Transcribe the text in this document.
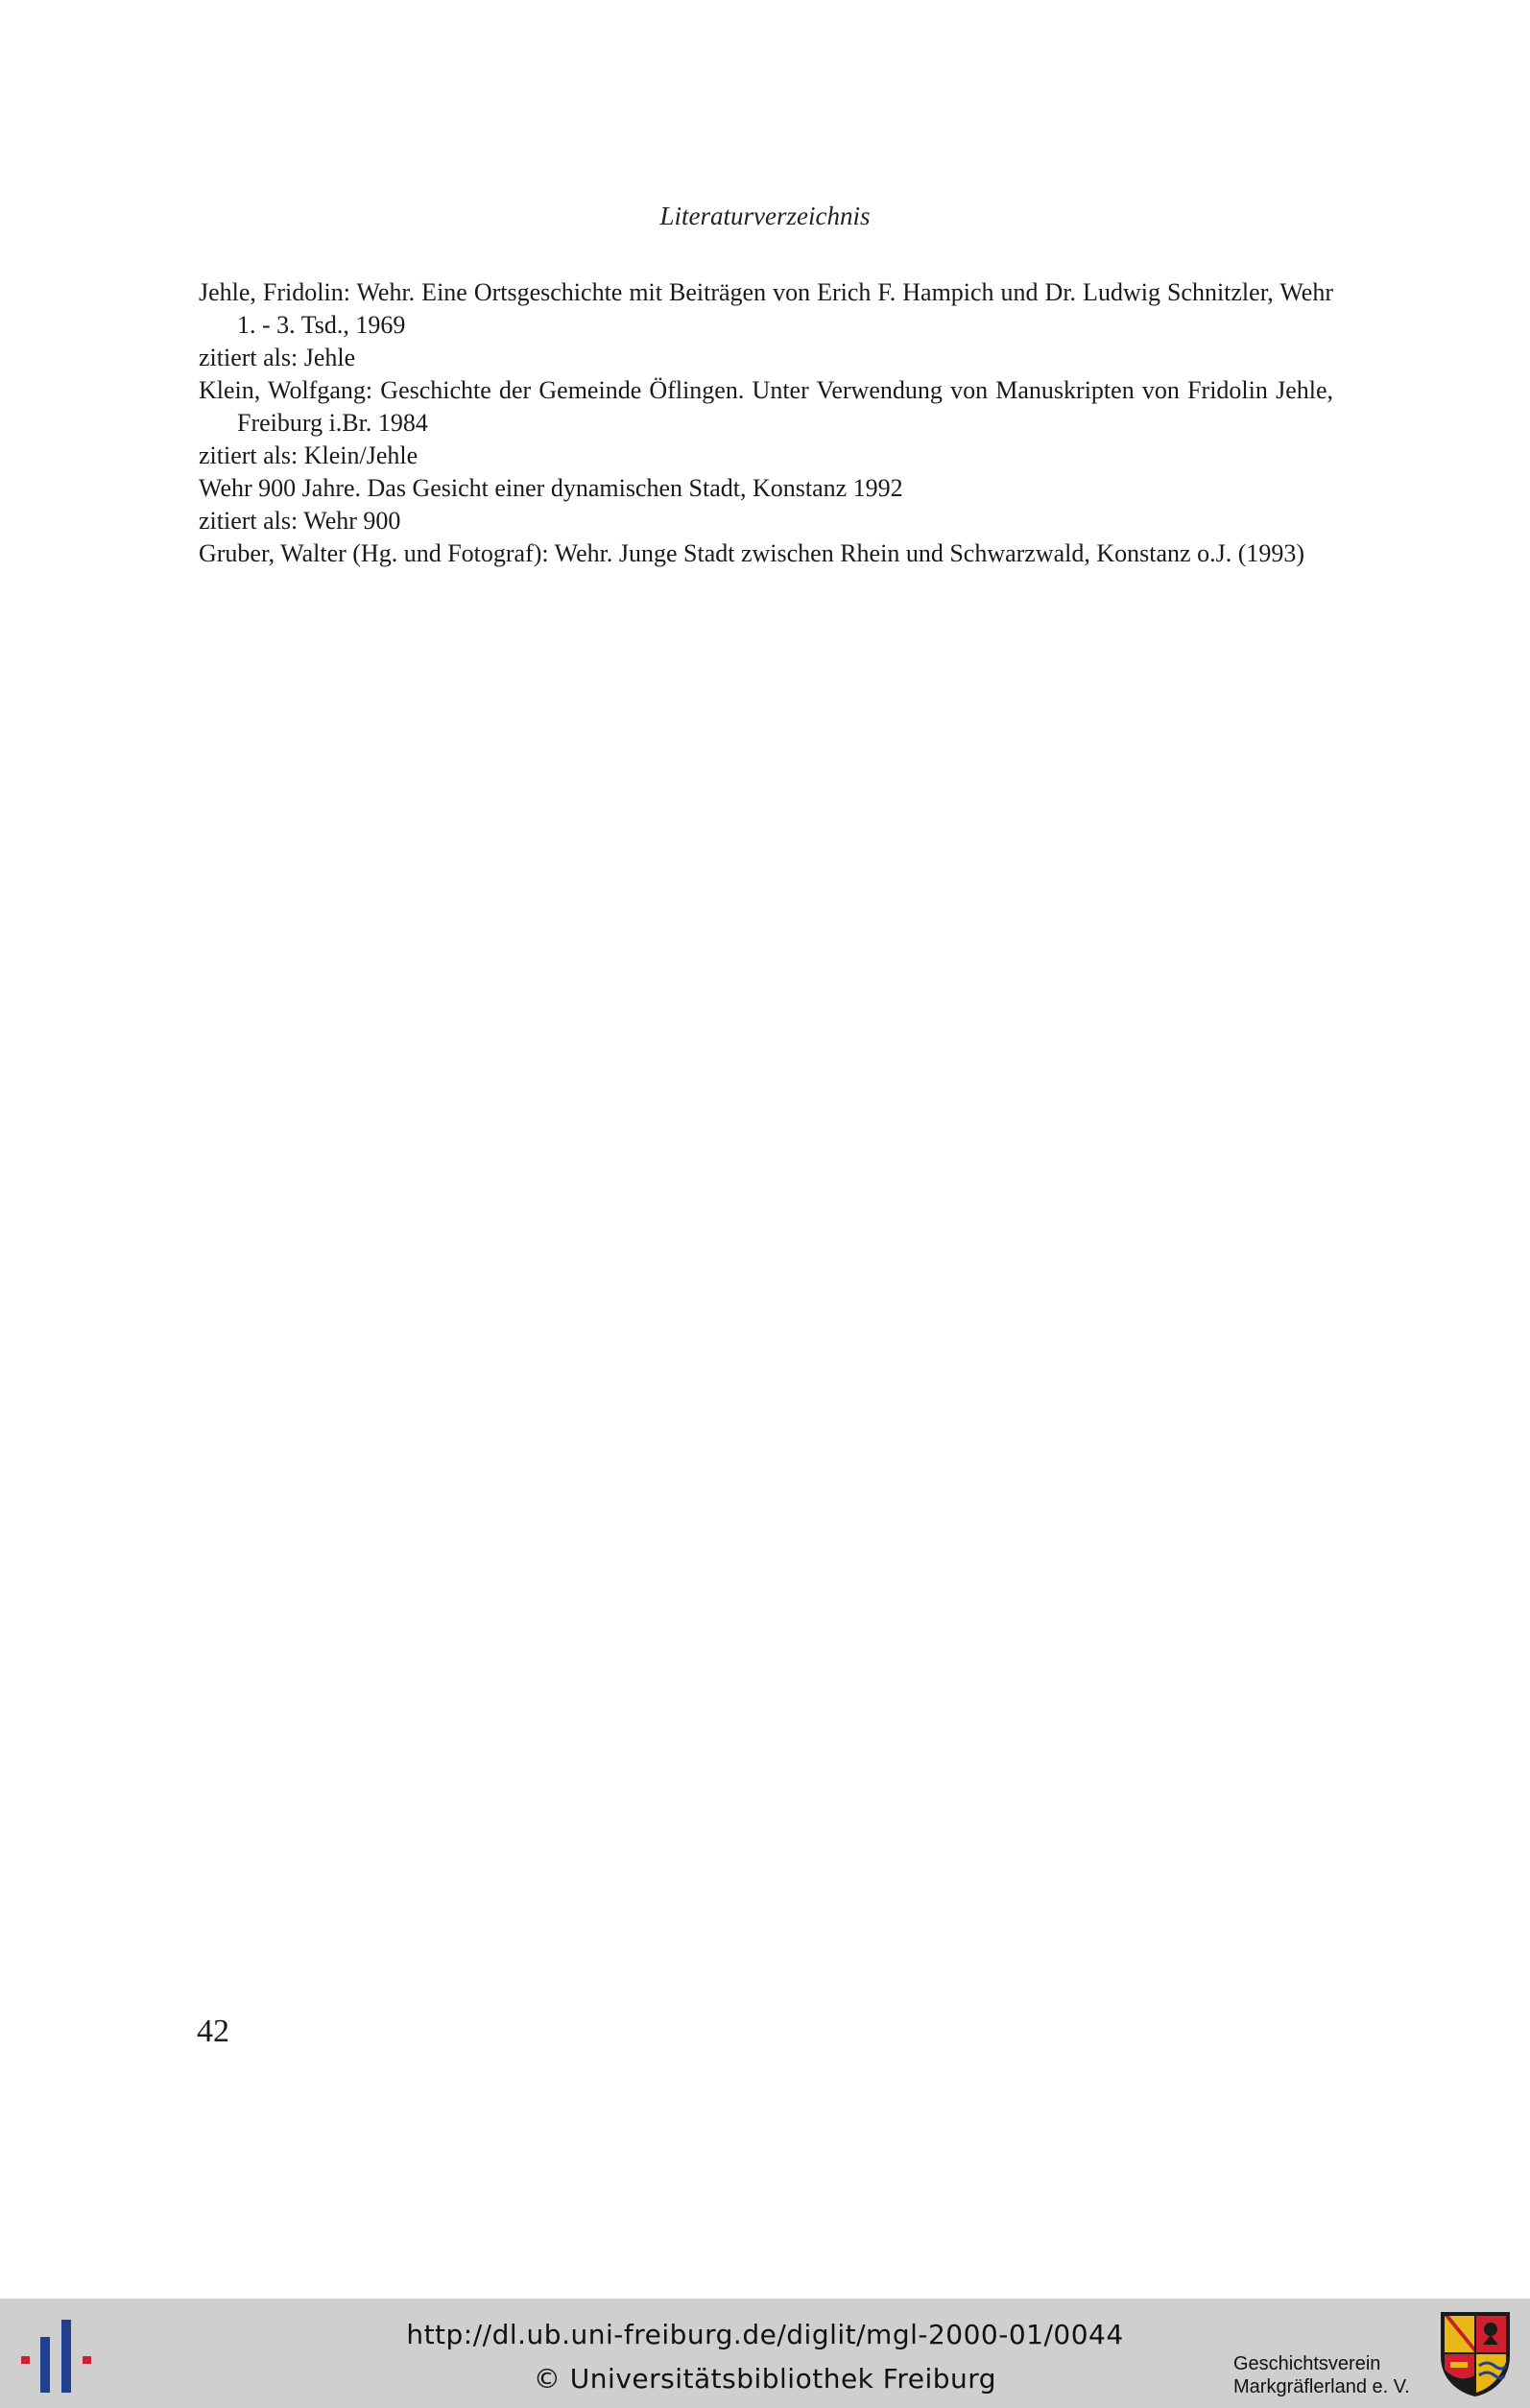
Literaturverzeichnis
Jehle, Fridolin: Wehr. Eine Ortsgeschichte mit Beiträgen von Erich F. Hampich und Dr. Ludwig Schnitzler, Wehr 1. - 3. Tsd., 1969
zitiert als: Jehle
Klein, Wolfgang: Geschichte der Gemeinde Öflingen. Unter Verwendung von Manuskripten von Fridolin Jehle, Freiburg i.Br. 1984
zitiert als: Klein/Jehle
Wehr 900 Jahre. Das Gesicht einer dynamischen Stadt, Konstanz 1992
zitiert als: Wehr 900
Gruber, Walter (Hg. und Fotograf): Wehr. Junge Stadt zwischen Rhein und Schwarzwald, Konstanz o.J. (1993)
42
http://dl.ub.uni-freiburg.de/diglit/mgl-2000-01/0044
© Universitätsbibliothek Freiburg	Geschichtsverein
Markgräflerland e. V.
